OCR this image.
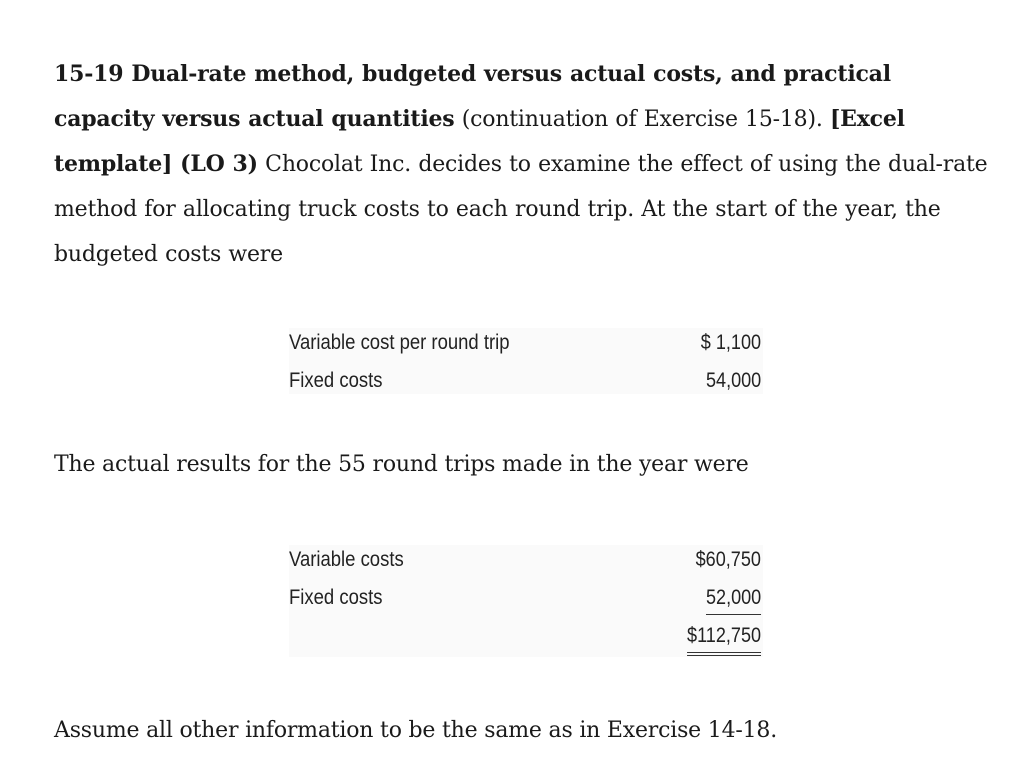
15-19 Dual-rate method, budgeted versus actual costs, and practical capacity versus actual quantities (continuation of Exercise 15-18). [Excel template] (LO 3) Chocolat Inc. decides to examine the effect of using the dual-rate method for allocating truck costs to each round trip. At the start of the year, the budgeted costs were
Variable cost per round trip	$ 1,100
Fixed costs	54,000
The actual results for the 55 round trips made in the year were
Variable costs	$60,750
Fixed costs	52,000
$112,750
Assume all other information to be the same as in Exercise 14-18.
